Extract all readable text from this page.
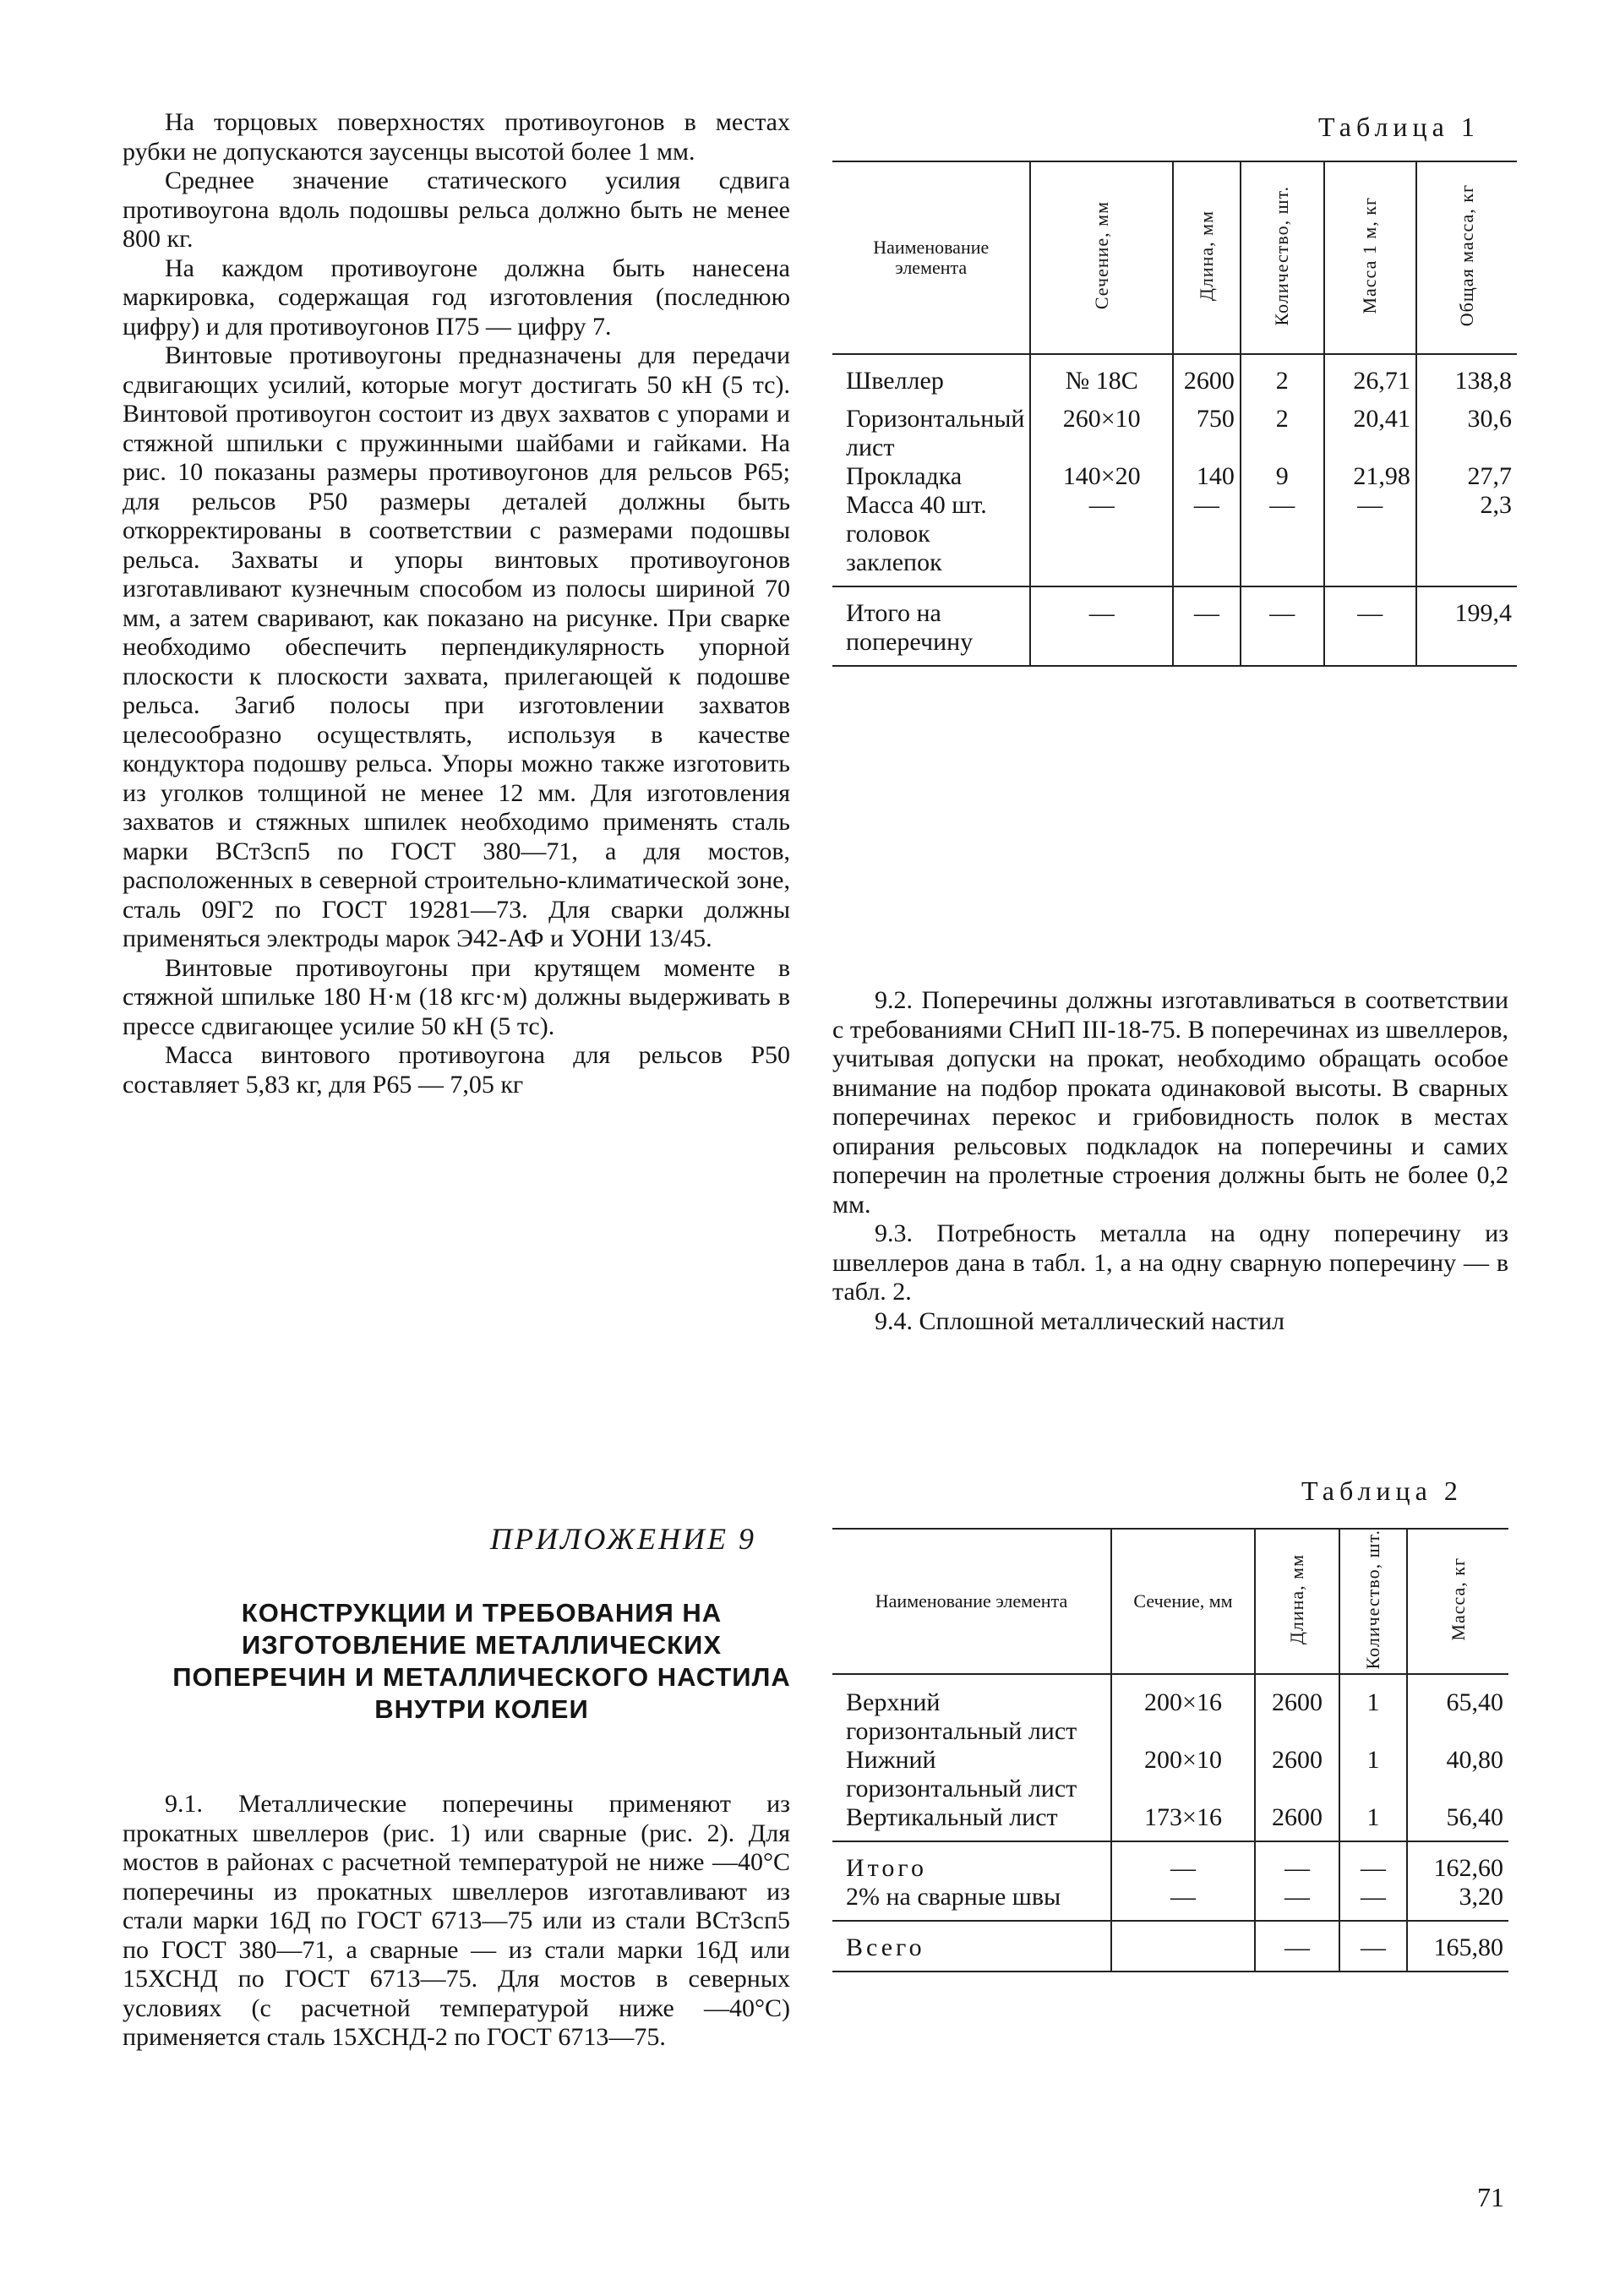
На торцовых поверхностях противоугонов в местах рубки не допускаются заусенцы высотой более 1 мм.

Среднее значение статического усилия сдвига противоугона вдоль подошвы рельса должно быть не менее 800 кг.

На каждом противоугоне должна быть нанесена маркировка, содержащая год изготовления (последнюю цифру) и для противоугонов П75 — цифру 7.

Винтовые противоугоны предназначены для передачи сдвигающих усилий, которые могут достигать 50 кН (5 тс). Винтовой противоугон состоит из двух захватов с упорами и стяжной шпильки с пружинными шайбами и гайками. На рис. 10 показаны размеры противоугонов для рельсов Р65; для рельсов Р50 размеры деталей должны быть откорректированы в соответствии с размерами подошвы рельса. Захваты и упоры винтовых противоугонов изготавливают кузнечным способом из полосы шириной 70 мм, а затем сваривают, как показано на рисунке. При сварке необходимо обеспечить перпендикулярность упорной плоскости к плоскости захвата, прилегающей к подошве рельса. Загиб полосы при изготовлении захватов целесообразно осуществлять, используя в качестве кондуктора подошву рельса. Упоры можно также изготовить из уголков толщиной не менее 12 мм. Для изготовления захватов и стяжных шпилек необходимо применять сталь марки ВСт3сп5 по ГОСТ 380—71, а для мостов, расположенных в северной строительно-климатической зоне, сталь 09Г2 по ГОСТ 19281—73. Для сварки должны применяться электроды марок Э42-АФ и УОНИ 13/45.

Винтовые противоугоны при крутящем моменте в стяжной шпильке 180 Н·м (18 кгс·м) должны выдерживать в прессе сдвигающее усилие 50 кН (5 тс).

Масса винтового противоугона для рельсов Р50 составляет 5,83 кг, для Р65 — 7,05 кг

Таблица 1
Наименование элемента	Сечение, мм	Длина, мм	Количество, шт.	Масса 1 м, кг	Общая масса, кг
Швеллер	№ 18С	2600	2	26,71	138,8
Горизонтальный лист	260×10	750	2	20,41	30,6
Прокладка	140×20	140	9	21,98	27,7
Масса 40 шт. головок заклепок	—	—	—	—	2,3
Итого на поперечину	—	—	—	—	199,4

9.2. Поперечины должны изготавливаться в соответствии с требованиями СНиП III-18-75. В поперечинах из швеллеров, учитывая допуски на прокат, необходимо обращать особое внимание на подбор проката одинаковой высоты. В сварных поперечинах перекос и грибовидность полок в местах опирания рельсовых подкладок на поперечины и самих поперечин на пролетные строения должны быть не более 0,2 мм.

9.3. Потребность металла на одну поперечину из швеллеров дана в табл. 1, а на одну сварную поперечину — в табл. 2.

9.4. Сплошной металлический настил

ПРИЛОЖЕНИЕ 9
КОНСТРУКЦИИ И ТРЕБОВАНИЯ НА ИЗГОТОВЛЕНИЕ МЕТАЛЛИЧЕСКИХ ПОПЕРЕЧИН И МЕТАЛЛИЧЕСКОГО НАСТИЛА ВНУТРИ КОЛЕИ

9.1. Металлические поперечины применяют из прокатных швеллеров (рис. 1) или сварные (рис. 2). Для мостов в районах с расчетной температурой не ниже —40°С поперечины из прокатных швеллеров изготавливают из стали марки 16Д по ГОСТ 6713—75 или из стали ВСт3сп5 по ГОСТ 380—71, а сварные — из стали марки 16Д или 15ХСНД по ГОСТ 6713—75. Для мостов в северных условиях (с расчетной температурой ниже —40°С) применяется сталь 15ХСНД-2 по ГОСТ 6713—75.

Таблица 2
Наименование элемента	Сечение, мм	Длина, мм	Количество, шт.	Масса, кг
Верхний горизонтальный лист	200×16	2600	1	65,40
Нижний горизонтальный лист	200×10	2600	1	40,80
Вертикальный лист	173×16	2600	1	56,40
Итого	—	—	—	162,60
2% на сварные швы	—	—	—	3,20
Всего		—	—	165,80
71
